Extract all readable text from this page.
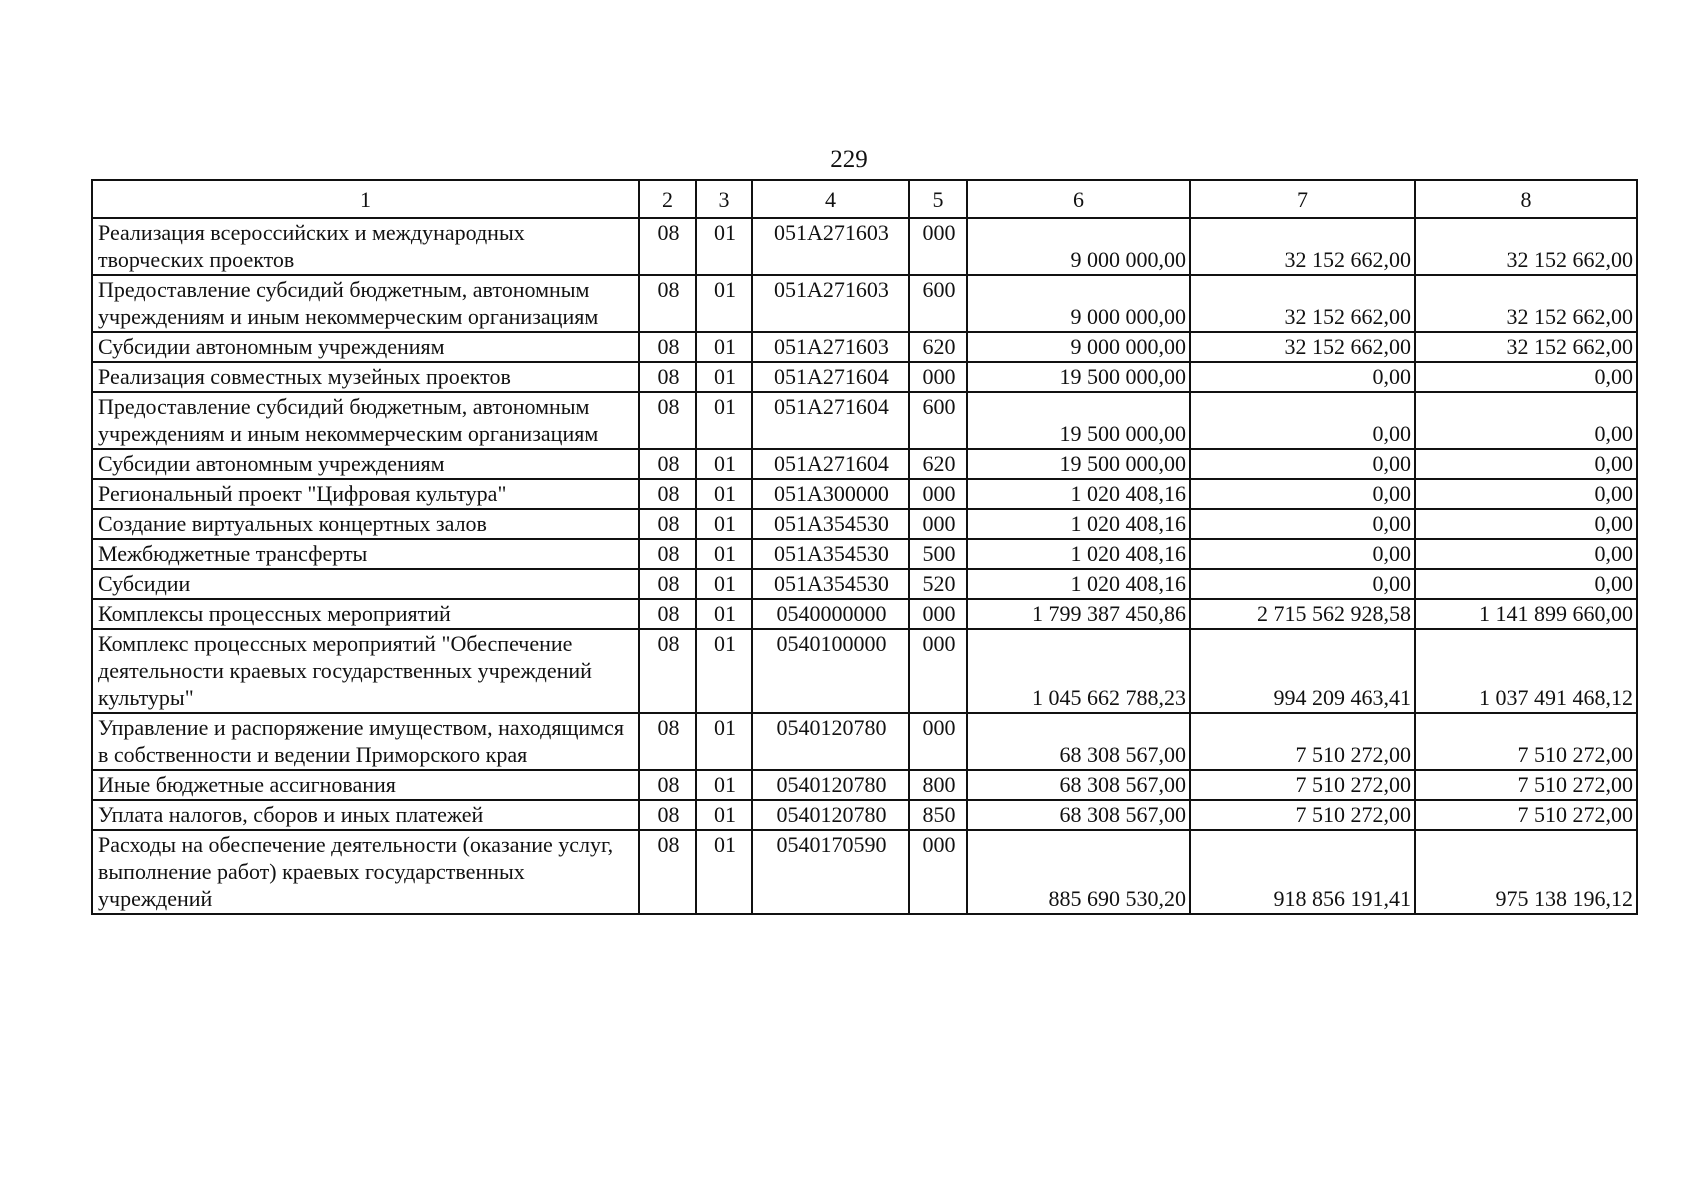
229
1	2	3	4	5	6	7	8
Реализация всероссийских и международных творческих проектов	08	01	051A271603	000	9 000 000,00	32 152 662,00	32 152 662,00
Предоставление субсидий бюджетным, автономным учреждениям и иным некоммерческим организациям	08	01	051A271603	600	9 000 000,00	32 152 662,00	32 152 662,00
Субсидии автономным учреждениям	08	01	051A271603	620	9 000 000,00	32 152 662,00	32 152 662,00
Реализация совместных музейных проектов	08	01	051A271604	000	19 500 000,00	0,00	0,00
Предоставление субсидий бюджетным, автономным учреждениям и иным некоммерческим организациям	08	01	051A271604	600	19 500 000,00	0,00	0,00
Субсидии автономным учреждениям	08	01	051A271604	620	19 500 000,00	0,00	0,00
Региональный проект "Цифровая культура"	08	01	051A300000	000	1 020 408,16	0,00	0,00
Создание виртуальных концертных залов	08	01	051A354530	000	1 020 408,16	0,00	0,00
Межбюджетные трансферты	08	01	051A354530	500	1 020 408,16	0,00	0,00
Субсидии	08	01	051A354530	520	1 020 408,16	0,00	0,00
Комплексы процессных мероприятий	08	01	0540000000	000	1 799 387 450,86	2 715 562 928,58	1 141 899 660,00
Комплекс процессных мероприятий "Обеспечение деятельности краевых государственных учреждений культуры"	08	01	0540100000	000	1 045 662 788,23	994 209 463,41	1 037 491 468,12
Управление и распоряжение имуществом, находящимся в собственности и ведении Приморского края	08	01	0540120780	000	68 308 567,00	7 510 272,00	7 510 272,00
Иные бюджетные ассигнования	08	01	0540120780	800	68 308 567,00	7 510 272,00	7 510 272,00
Уплата налогов, сборов и иных платежей	08	01	0540120780	850	68 308 567,00	7 510 272,00	7 510 272,00
Расходы на обеспечение деятельности (оказание услуг, выполнение работ) краевых государственных учреждений	08	01	0540170590	000	885 690 530,20	918 856 191,41	975 138 196,12
